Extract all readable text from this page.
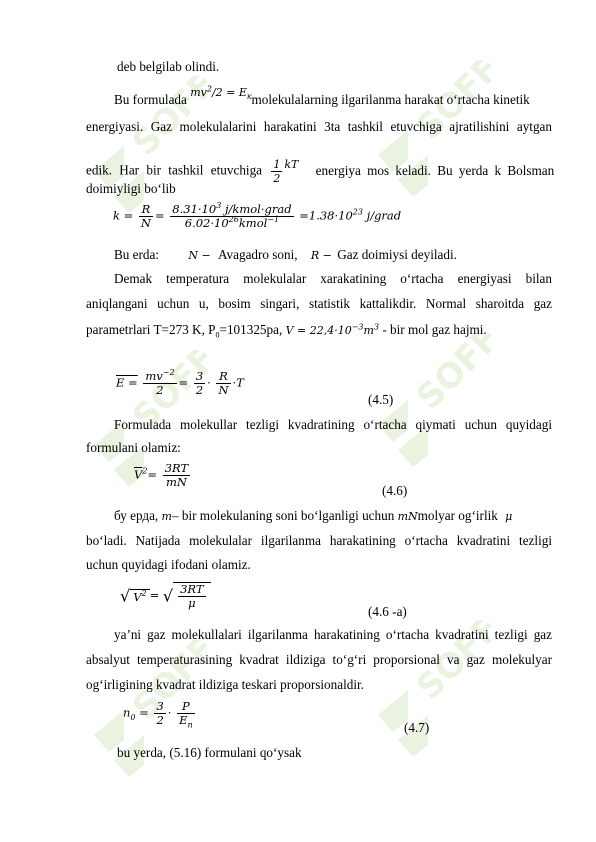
SOFF	SOFF
SOFF	SOFF
SOFF	SOFF
deb belgilab olindi.
Bu formulada $mv^2/2 = E_к$ molekulalarning ilgarilanma harakat o‘rtacha kinetik
energiyasi. Gaz molekulalarini harakatini 3ta tashkil etuvchiga ajratilishini aytgan
edik. Har bir tashkil etuvchiga $\frac{1}{2} ^{kT}$ energiya mos keladi. Bu yerda k Bolsman
doimiyligi bo‘lib
$k = \frac{R}{N} = \frac{8.31\cdot 10^3 j/kmol\cdot grad}{6.02\cdot 10^{26}kmol^{-1}} =1.38\cdot 10^{23}$ j/grad
Bu erda:	N − Avagadro soni, R − Gaz doimiysi deyiladi.
Demak temperatura molekulalar xarakatining o‘rtacha energiyasi bilan
aniqlangani uchun u, bosim singari, statistik kattalikdir. Normal sharoitda gaz
parametrlari T=273 K, $P_0=101325pa$, $V = 22,4\cdot 10^{-3}m^3$ - bir mol gaz hajmi.
$E = \frac{mv^{-2}}{2} = \frac{3}{2} \cdot \frac{R}{N} \cdot T$
(4.5)
Formulada molekullar tezligi kvadratining o‘rtacha qiymati uchun quyidagi
formulani olamiz:
$\overline{V}^2= \frac{3RT}{mN}$
(4.6)
бу ерда, m– bir molekulaning soni bo‘lganligi uchun mNmolyar og‘irlik μ
bo‘ladi. Natijada molekulalar ilgarilanma harakatining o‘rtacha kvadratini tezligi
uchun quyidagi ifodani olamiz.
√ $V^2$ = √ $\frac{3RT}{\mu}$
(4.6 -a)
ya’ni gaz molekullalari ilgarilanma harakatining o‘rtacha kvadratini tezligi gaz
absalyut temperaturasining kvadrat ildiziga to‘g‘ri proporsional va gaz molekulyar
og‘irligining kvadrat ildiziga teskari proporsionaldir.
$n_0 = \frac{3}{2} \cdot \frac{P}{E_n}$
(4.7)
bu yerda, (5.16) formulani qo‘ysak
